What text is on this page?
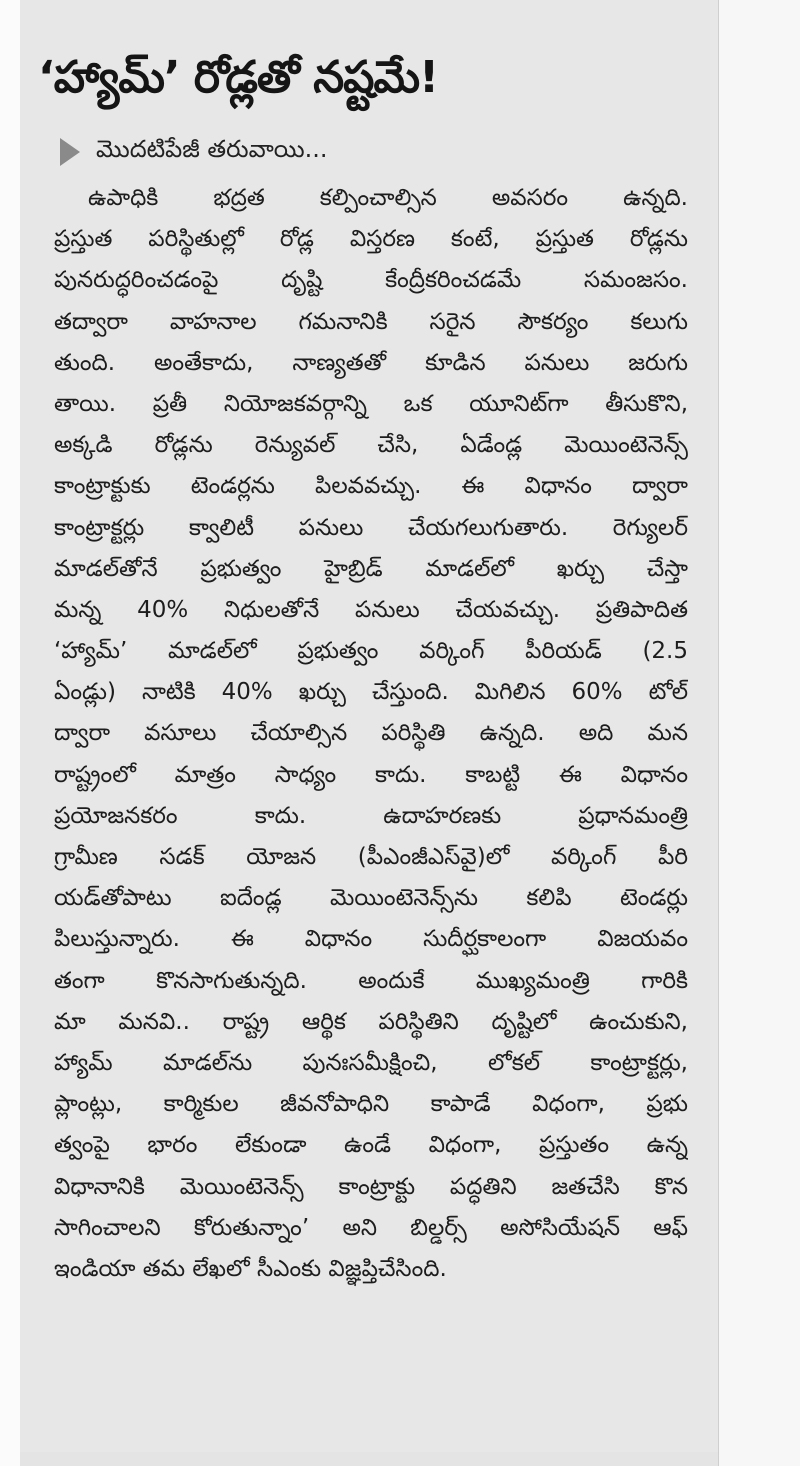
‘హ్యామ్’ రోడ్లతో నష్టమే!
మొదటిపేజీ తరువాయి...
ఉపాధికి భద్రత కల్పించాల్సిన అవసరం ఉన్నది.
ప్రస్తుత పరిస్థితుల్లో రోడ్ల విస్తరణ కంటే, ప్రస్తుత రోడ్లను
పునరుద్ధరించడంపై దృష్టి కేంద్రీకరించడమే సమంజసం.
తద్వారా వాహనాల గమనానికి సరైన సౌకర్యం కలుగు
తుంది. అంతేకాదు, నాణ్యతతో కూడిన పనులు జరుగు
తాయి. ప్రతీ నియోజకవర్గాన్ని ఒక యూనిట్‌గా తీసుకొని,
అక్కడి రోడ్లను రెన్యువల్ చేసి, ఏడేండ్ల మెయింటెనెన్స్
కాంట్రాక్టుకు టెండర్లను పిలవవచ్చు. ఈ విధానం ద్వారా
కాంట్రాక్టర్లు క్వాలిటీ పనులు చేయగలుగుతారు. రెగ్యులర్
మాడల్‌తోనే ప్రభుత్వం హైబ్రిడ్ మాడల్‌లో ఖర్చు చేస్తా
మన్న 40% నిధులతోనే పనులు చేయవచ్చు. ప్రతిపాదిత
‘హ్యామ్’ మాడల్‌లో ప్రభుత్వం వర్కింగ్ పీరియడ్ (2.5
ఏండ్లు) నాటికి 40% ఖర్చు చేస్తుంది. మిగిలిన 60% టోల్
ద్వారా వసూలు చేయాల్సిన పరిస్థితి ఉన్నది. అది మన
రాష్ట్రంలో మాత్రం సాధ్యం కాదు. కాబట్టి ఈ విధానం
ప్రయోజనకరం కాదు. ఉదాహరణకు ప్రధానమంత్రి
గ్రామీణ సడక్ యోజన (పీఎంజీఎస్‌వై)లో వర్కింగ్ పీరి
యడ్‌తోపాటు ఐదేండ్ల మెయింటెనెన్స్‌ను కలిపి టెండర్లు
పిలుస్తున్నారు. ఈ విధానం సుదీర్ఘకాలంగా విజయవం
తంగా కొనసాగుతున్నది. అందుకే ముఖ్యమంత్రి గారికి
మా మనవి.. రాష్ట్ర ఆర్థిక పరిస్థితిని దృష్టిలో ఉంచుకుని,
హ్యామ్ మాడల్‌ను పునఃసమీక్షించి, లోకల్ కాంట్రాక్టర్లు,
ప్లాంట్లు, కార్మికుల జీవనోపాధిని కాపాడే విధంగా, ప్రభు
త్వంపై భారం లేకుండా ఉండే విధంగా, ప్రస్తుతం ఉన్న
విధానానికి మెయింటెనెన్స్ కాంట్రాక్టు పద్ధతిని జతచేసి కొన
సాగించాలని కోరుతున్నాం’ అని బిల్డర్స్ అసోసియేషన్ ఆఫ్
ఇండియా తమ లేఖలో సీఎంకు విజ్ఞప్తిచేసింది.
